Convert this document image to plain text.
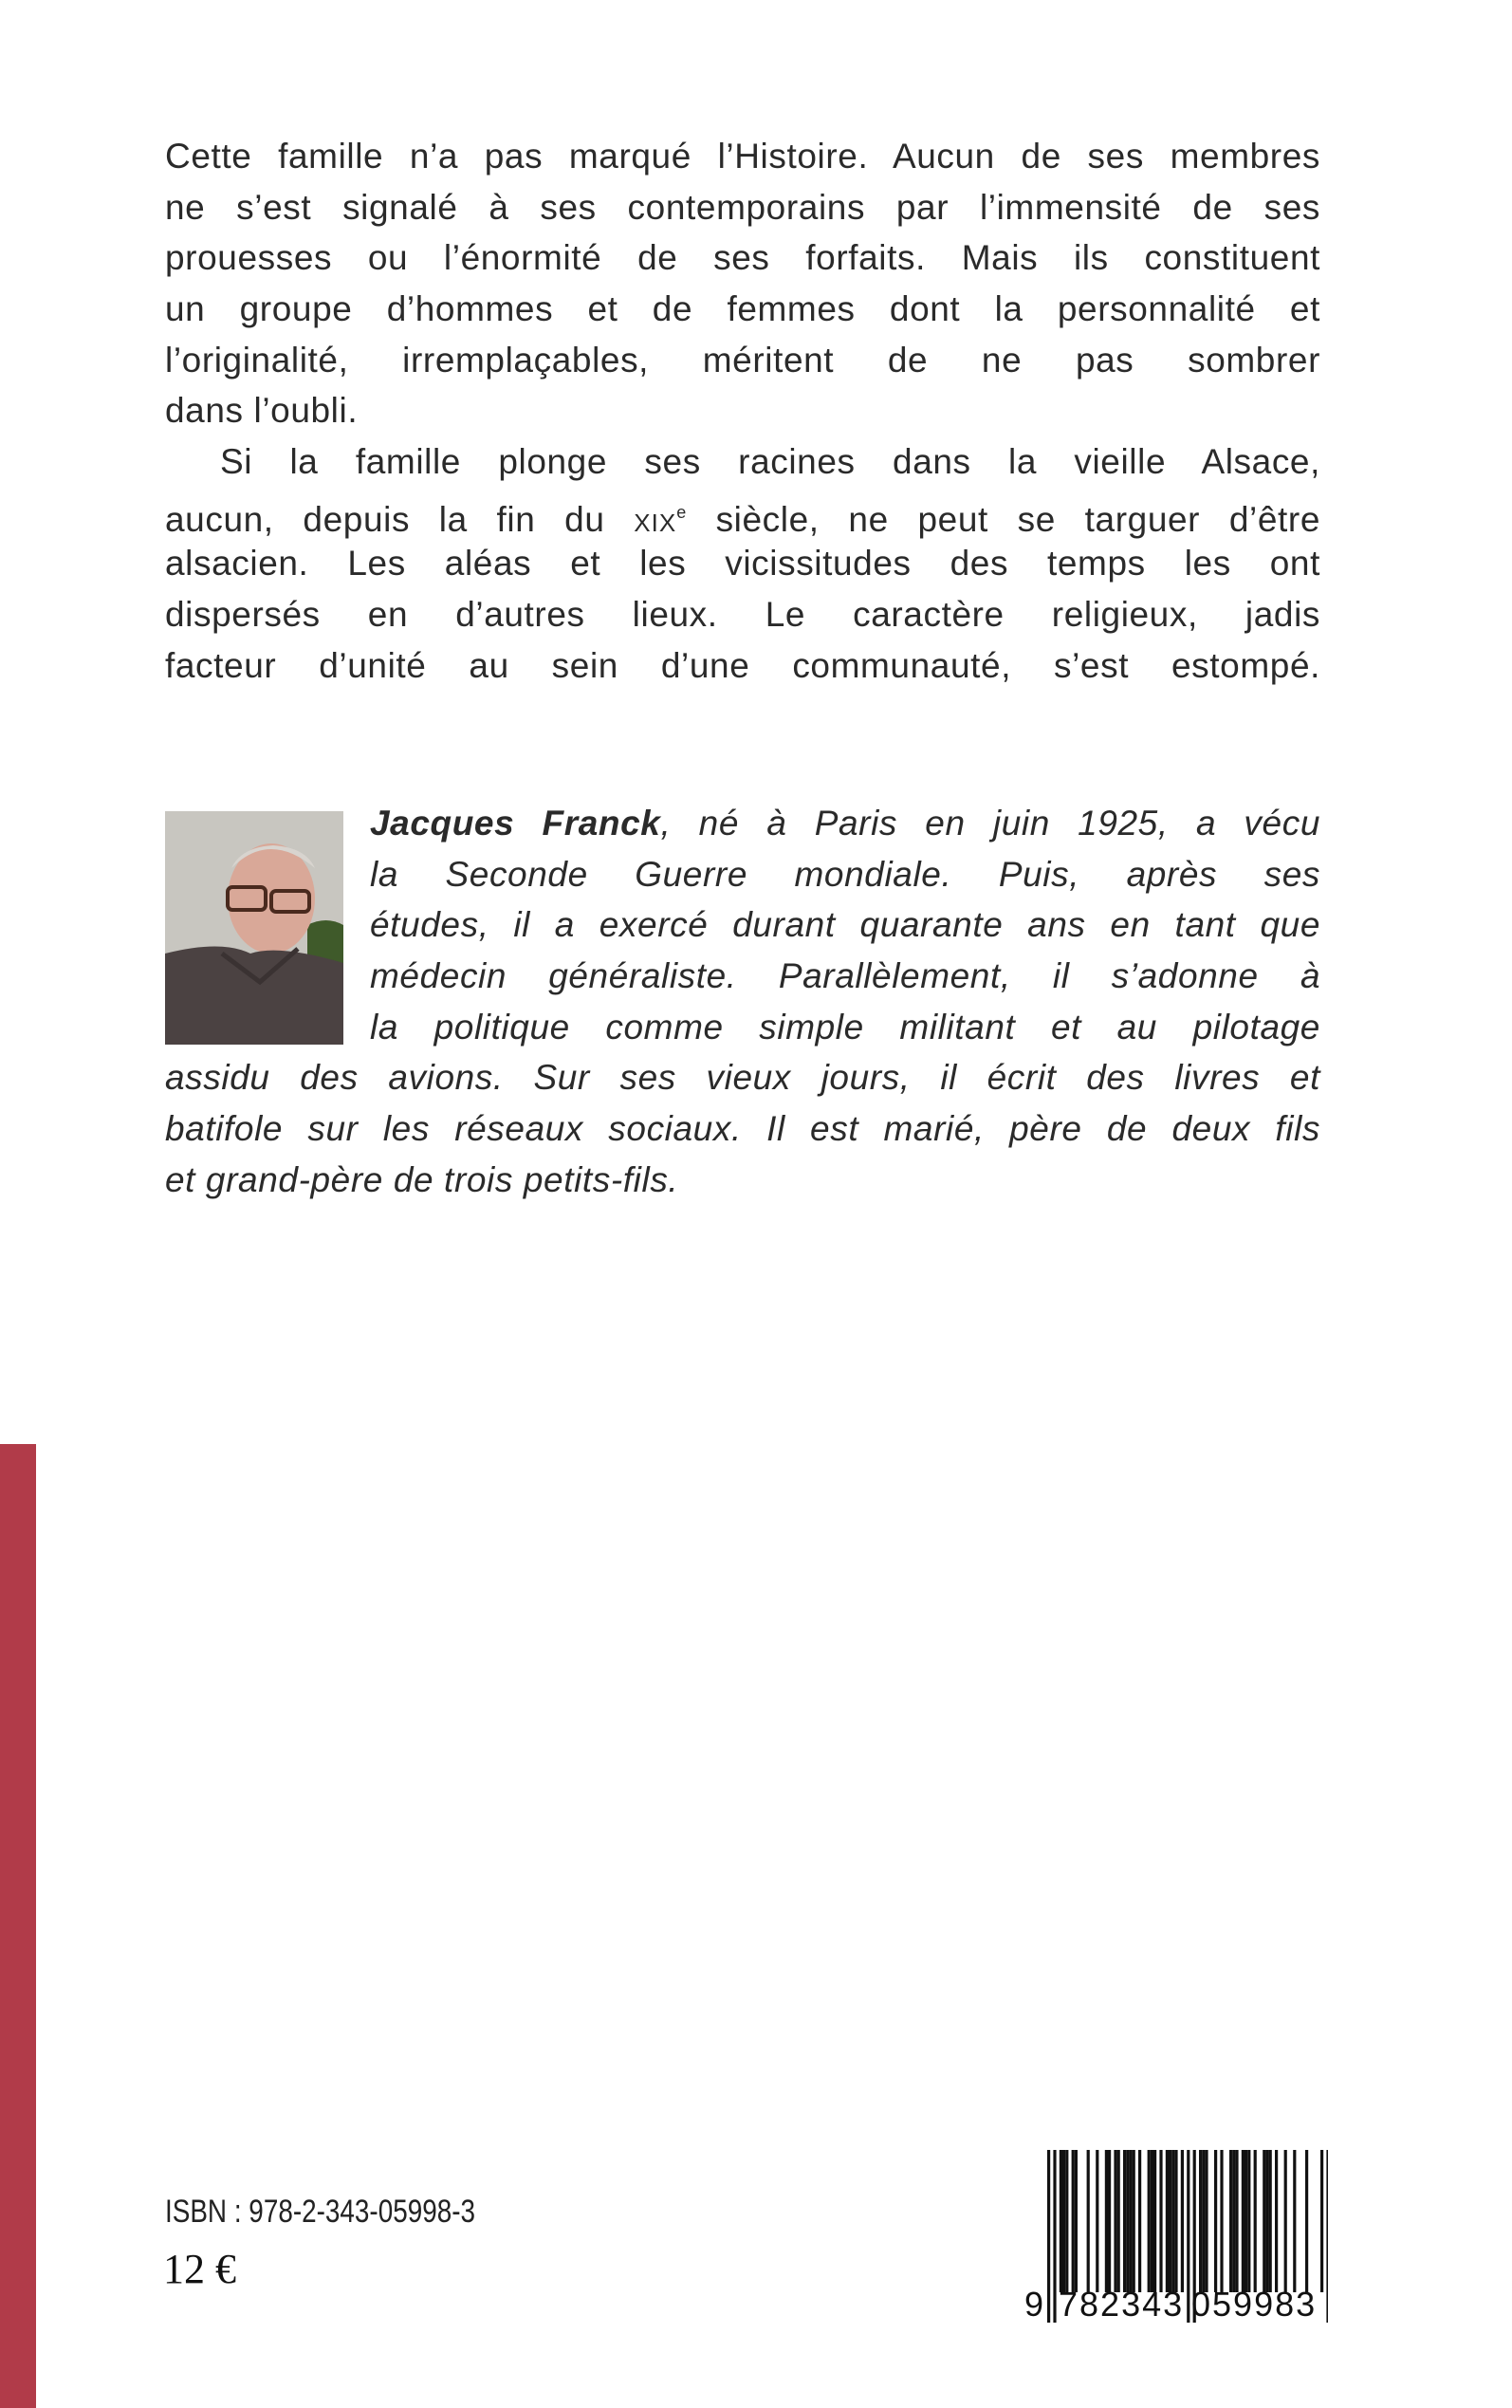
Cette famille n’a pas marqué l’Histoire. Aucun de ses membres
ne s’est signalé à ses contemporains par l’immensité de ses
prouesses ou l’énormité de ses forfaits. Mais ils constituent
un groupe d’hommes et de femmes dont la personnalité et
l’originalité, irremplaçables, méritent de ne pas sombrer
dans l’oubli.
Si la famille plonge ses racines dans la vieille Alsace,
aucun, depuis la fin du XIXe siècle, ne peut se targuer d’être
alsacien. Les aléas et les vicissitudes des temps les ont
dispersés en d’autres lieux. Le caractère religieux, jadis
facteur d’unité au sein d’une communauté, s’est estompé.
Jacques Franck, né à Paris en juin 1925, a vécu
la Seconde Guerre mondiale. Puis, après ses
études, il a exercé durant quarante ans en tant que
médecin généraliste. Parallèlement, il s’adonne à
la politique comme simple militant et au pilotage
assidu des avions. Sur ses vieux jours, il écrit des livres et
batifole sur les réseaux sociaux. Il est marié, père de deux fils
et grand-père de trois petits-fils.
ISBN : 978-2-343-05998-3
12 €
9 782343 059983
